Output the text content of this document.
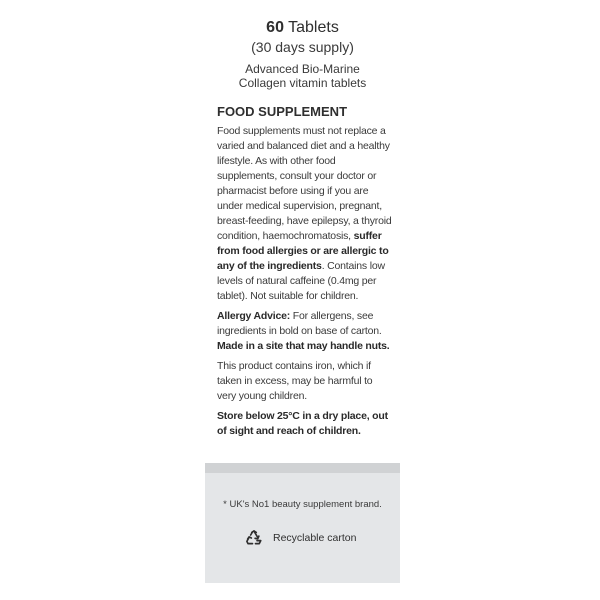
60 Tablets
(30 days supply)
Advanced Bio-Marine
Collagen vitamin tablets
FOOD SUPPLEMENT

Food supplements must not replace a varied and balanced diet and a healthy lifestyle. As with other food supplements, consult your doctor or pharmacist before using if you are under medical supervision, pregnant, breast-feeding, have epilepsy, a thyroid condition, haemochromatosis, suffer from food allergies or are allergic to any of the ingredients. Contains low levels of natural caffeine (0.4mg per tablet). Not suitable for children.

Allergy Advice: For allergens, see ingredients in bold on base of carton.
Made in a site that may handle nuts.

This product contains iron, which if taken in excess, may be harmful to very young children.

Store below 25°C in a dry place, out of sight and reach of children.

* UK's No1 beauty supplement brand.
Recyclable carton
